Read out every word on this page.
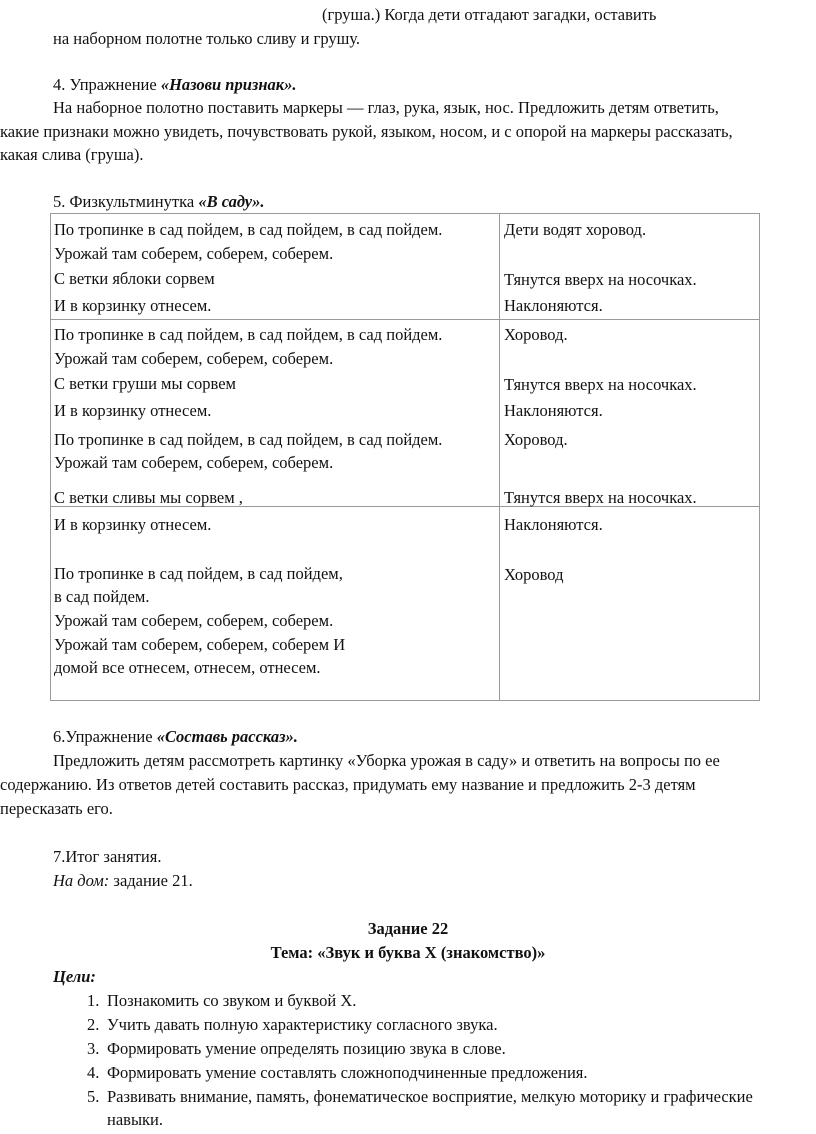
(груша.) Когда дети отгадают загадки, оставить
на наборном полотне только сливу и грушу.
4. Упражнение «Назови признак».
На наборное полотно поставить маркеры — глаз, рука, язык, нос. Предложить детям ответить,
какие признаки можно увидеть, почувствовать рукой, языком, носом, и с опорой на маркеры рассказать,
какая слива (груша).
5. Физкультминутка «В саду».
По тропинке в сад пойдем, в сад пойдем, в сад пойдем.
Урожай там соберем, соберем, соберем.
С ветки яблоки сорвем
И в корзинку отнесем.
По тропинке в сад пойдем, в сад пойдем, в сад пойдем.
Урожай там соберем, соберем, соберем.
С ветки груши мы сорвем
И в корзинку отнесем.
По тропинке в сад пойдем, в сад пойдем, в сад пойдем.
Урожай там соберем, соберем, соберем.
С ветки сливы мы сорвем ,
И в корзинку отнесем.
По тропинке в сад пойдем, в сад пойдем,
в сад пойдем.
Урожай там соберем, соберем, соберем.
Урожай там соберем, соберем, соберем И
домой все отнесем, отнесем, отнесем.
Дети водят хоровод.
Тянутся вверх на носочках.
Наклоняются.
Хоровод.
Тянутся вверх на носочках.
Наклоняются.
Хоровод.
Тянутся вверх на носочках.
Наклоняются.
Хоровод
6.Упражнение «Составь рассказ».
Предложить детям рассмотреть картинку «Уборка урожая в саду» и ответить на вопросы по ее
содержанию. Из ответов детей составить рассказ, придумать ему название и предложить 2-3 детям
пересказать его.
7.Итог занятия.
На дом: задание 21.
Задание 22
Тема: «Звук и буква Х (знакомство)»
Цели:
1. Познакомить со звуком и буквой Х.
2. Учить давать полную характеристику согласного звука.
3. Формировать умение определять позицию звука в слове.
4. Формировать умение составлять сложноподчиненные предложения.
5. Развивать внимание, память, фонематическое восприятие, мелкую моторику и графические
навыки.
